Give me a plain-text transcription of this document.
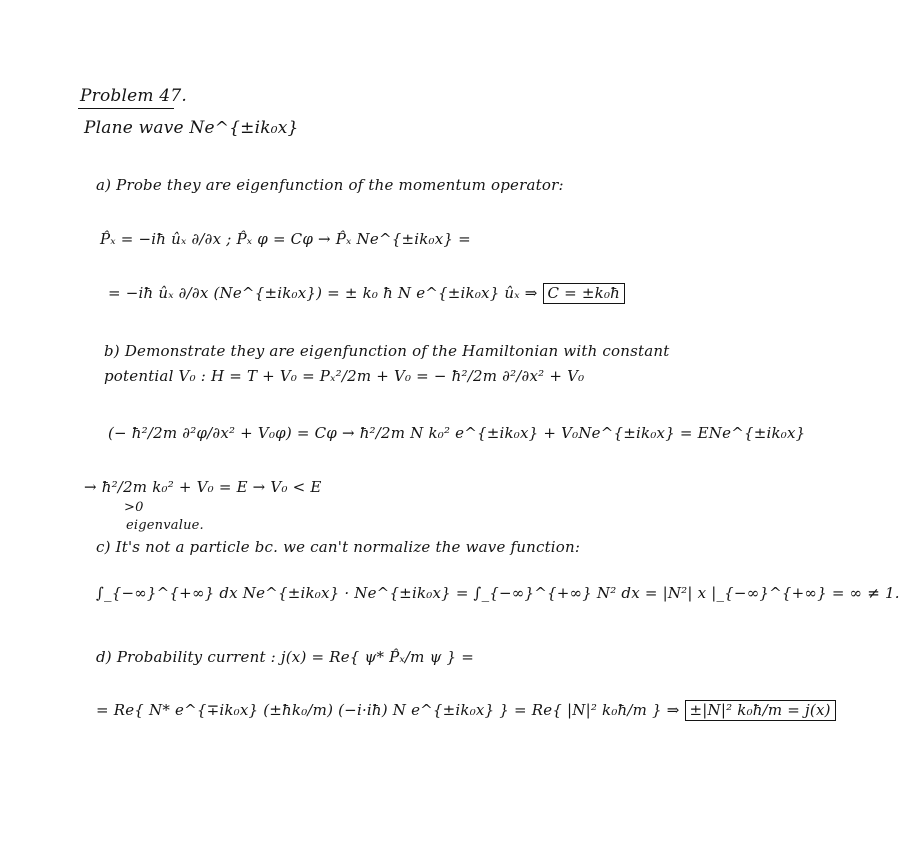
Problem 47.
Plane wave Ne^{±ik₀x}
a) Probe they are eigenfunction of the momentum operator:
P̂ₓ = −iħ ûₓ ∂/∂x ; P̂ₓ φ = Cφ → P̂ₓ Ne^{±ik₀x} =
= −iħ ûₓ ∂/∂x (Ne^{±ik₀x}) = ± k₀ ħ N e^{±ik₀x} ûₓ ⇒ C = ±k₀ħ
b) Demonstrate they are eigenfunction of the Hamiltonian with constant
potential V₀ : H = T + V₀ = Pₓ²/2m + V₀ = − ħ²/2m ∂²/∂x² + V₀
(− ħ²/2m ∂²φ/∂x² + V₀φ) = Cφ → ħ²/2m N k₀² e^{±ik₀x} + V₀Ne^{±ik₀x} = ENe^{±ik₀x}
→ ħ²/2m k₀² + V₀ = E → V₀ < E
>0
eigenvalue.
c) It's not a particle bc. we can't normalize the wave function:
∫_{−∞}^{+∞} dx Ne^{±ik₀x} · Ne^{±ik₀x} = ∫_{−∞}^{+∞} N² dx = |N²| x |_{−∞}^{+∞} = ∞ ≠ 1.
d) Probability current : j(x) = Re{ ψ* P̂ₓ/m ψ } =
= Re{ N* e^{∓ik₀x} (±ħk₀/m) (−i·iħ) N e^{±ik₀x} } = Re{ |N|² k₀ħ/m } ⇒ ±|N|² k₀ħ/m = j(x)
